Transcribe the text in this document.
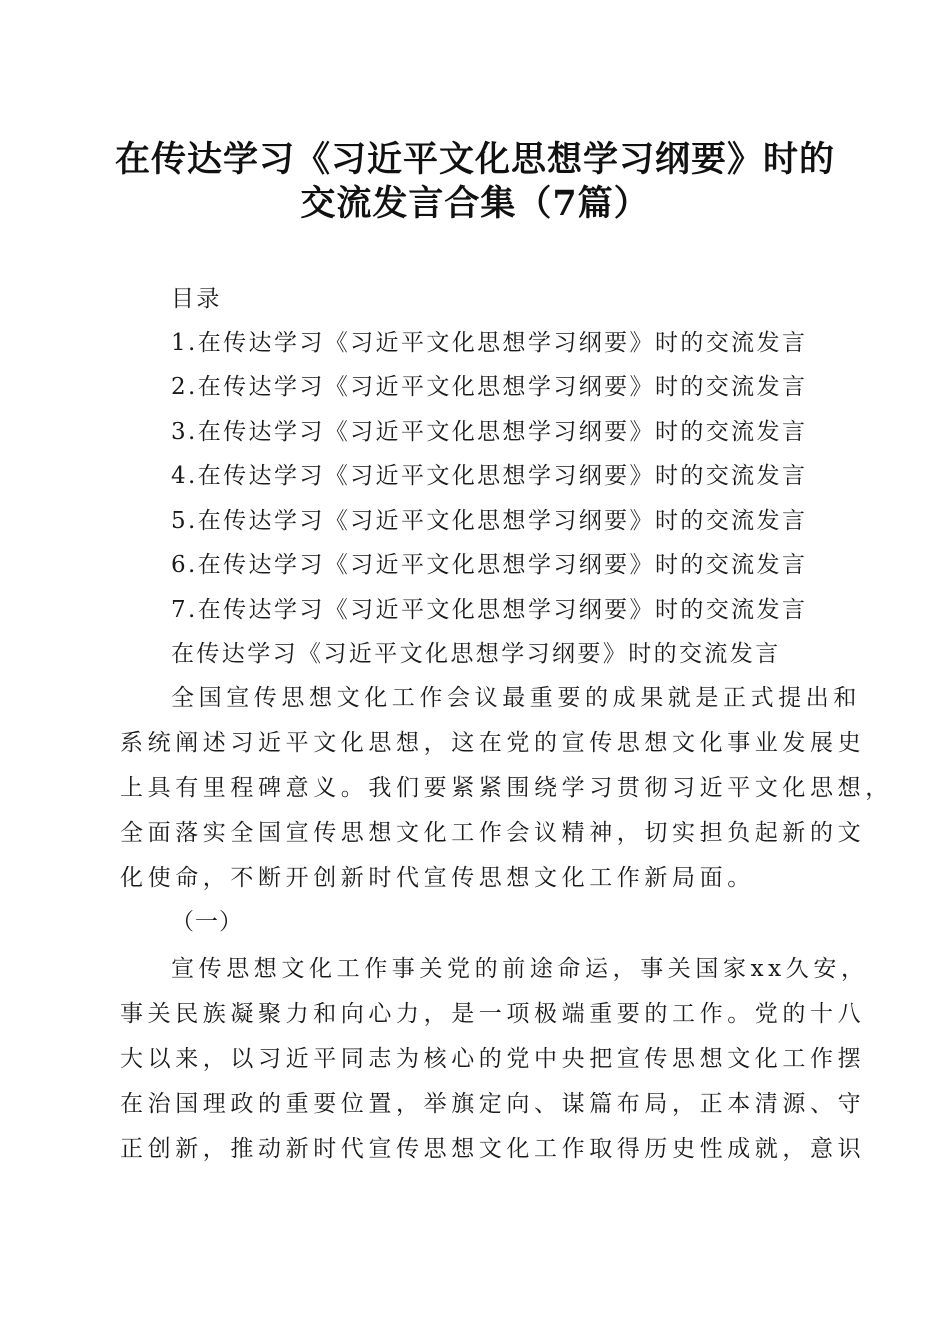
在传达学习《习近平文化思想学习纲要》时的
交流发言合集（7篇）
目录
1.在传达学习《习近平文化思想学习纲要》时的交流发言
2.在传达学习《习近平文化思想学习纲要》时的交流发言
3.在传达学习《习近平文化思想学习纲要》时的交流发言
4.在传达学习《习近平文化思想学习纲要》时的交流发言
5.在传达学习《习近平文化思想学习纲要》时的交流发言
6.在传达学习《习近平文化思想学习纲要》时的交流发言
7.在传达学习《习近平文化思想学习纲要》时的交流发言
在传达学习《习近平文化思想学习纲要》时的交流发言
全国宣传思想文化工作会议最重要的成果就是正式提出和
系统阐述习近平文化思想，这在党的宣传思想文化事业发展史
上具有里程碑意义。我们要紧紧围绕学习贯彻习近平文化思想，
全面落实全国宣传思想文化工作会议精神，切实担负起新的文
化使命，不断开创新时代宣传思想文化工作新局面。
（一）
宣传思想文化工作事关党的前途命运，事关国家xx久安，
事关民族凝聚力和向心力，是一项极端重要的工作。党的十八
大以来，以习近平同志为核心的党中央把宣传思想文化工作摆
在治国理政的重要位置，举旗定向、谋篇布局，正本清源、守
正创新，推动新时代宣传思想文化工作取得历史性成就，意识
